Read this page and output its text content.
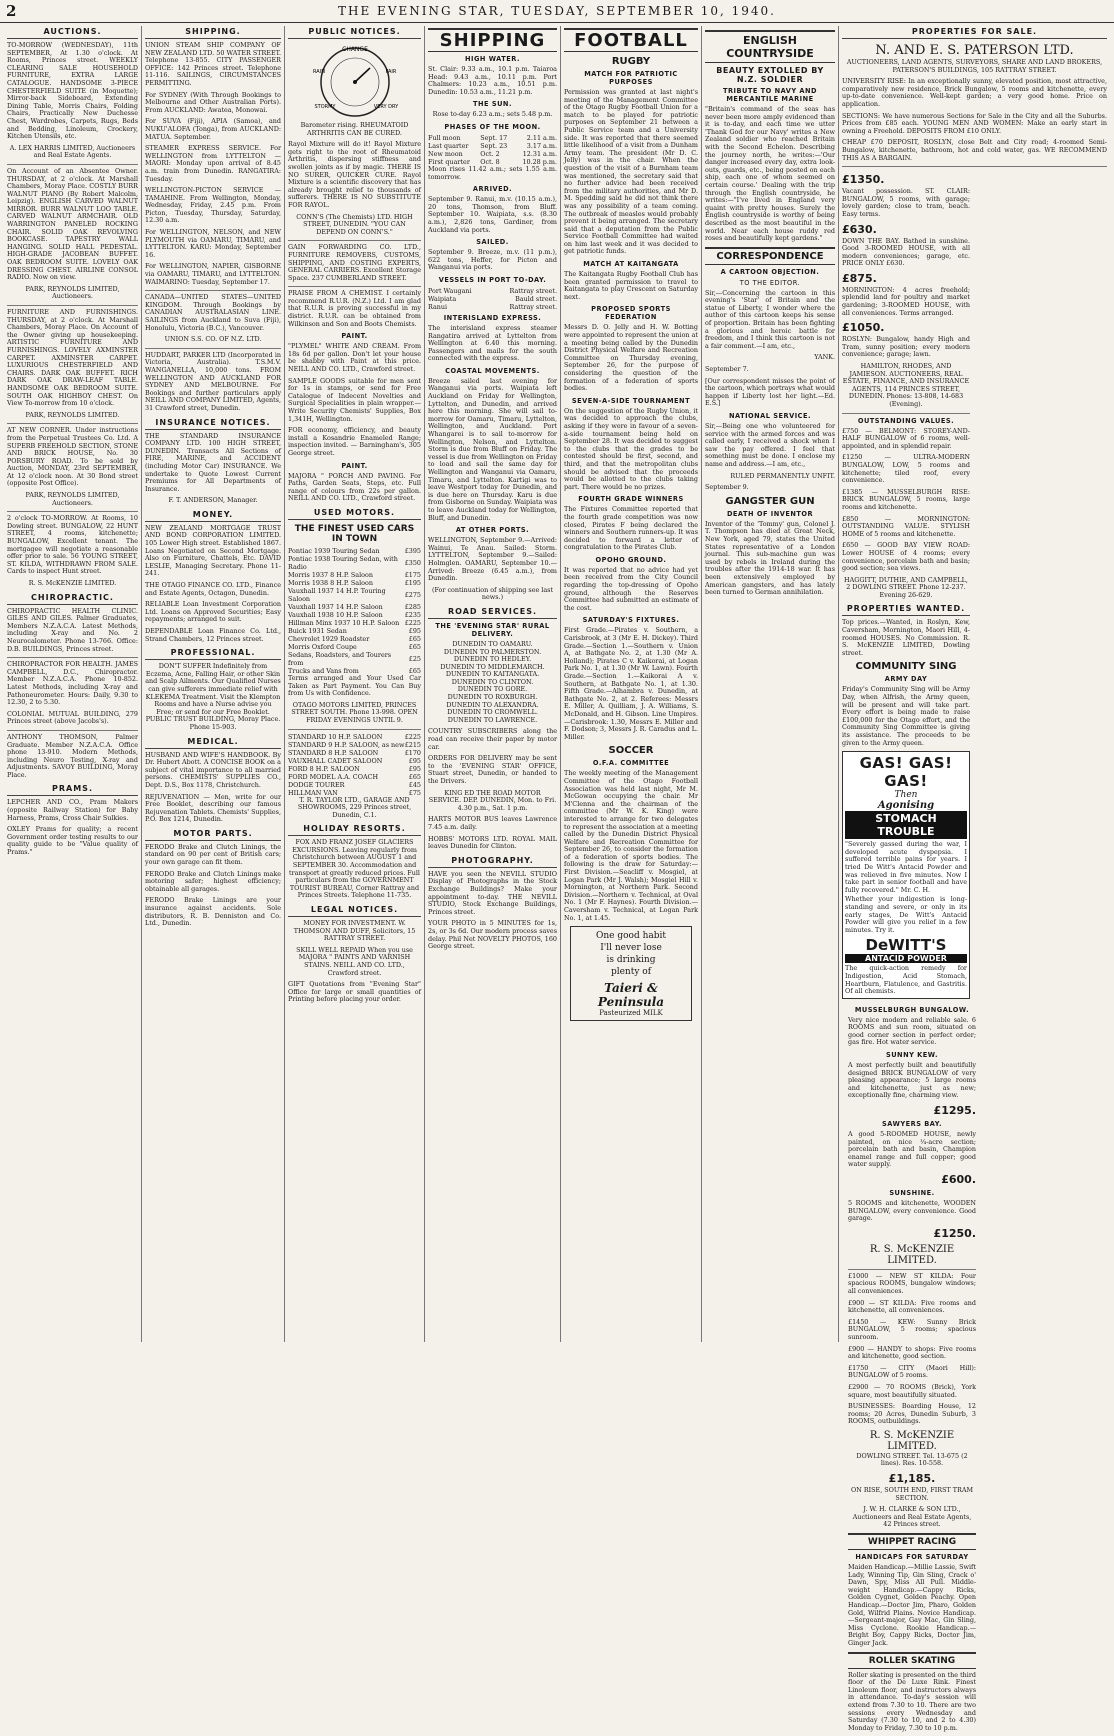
2	THE EVENING STAR, TUESDAY, SEPTEMBER 10, 1940.
AUCTIONS.

TO-MORROW (WEDNESDAY), 11th SEPTEMBER, At 1.30 o'clock. At Rooms, Princes street. WEEKLY CLEARING SALE HOUSEHOLD FURNITURE, EXTRA LARGE CATALOGUE. HANDSOME 3-PIECE CHESTERFIELD SUITE (in Moquette); Mirror-back Sideboard, Extending Dining Table, Morris Chairs, Folding Chairs, Practically New Duchesse Chest, Wardrobes, Carpets, Rugs, Beds and Bedding, Linoleum, Crockery, Kitchen Utensils, etc.

A. LEX HARRIS LIMITED, Auctioneers and Real Estate Agents.

On Account of an Absentee Owner. THURSDAY, at 2 o'clock. At Marshall Chambers, Moray Place. COSTLY BURR WALNUT PIANO (By Robert Malcolm, Leipzig). ENGLISH CARVED WALNUT MIRROR. BURR WALNUT LOO TABLE. CARVED WALNUT ARMCHAIR. OLD WARRINGTON PANELED ROCKING CHAIR. SOLID OAK REVOLVING BOOKCASE. TAPESTRY WALL HANGING. SOLID HALL PEDESTAL. HIGH-GRADE JACOBEAN BUFFET. OAK BEDROOM SUITE. LOVELY OAK DRESSING CHEST. AIRLINE CONSOL RADIO. Now on view.

PARK, REYNOLDS LIMITED, Auctioneers.

FURNITURE AND FURNISHINGS. THURSDAY, at 2 o'clock. At Marshall Chambers, Moray Place. On Account of the Owner giving up housekeeping. ARTISTIC FURNITURE AND FURNISHINGS. LOVELY AXMINSTER CARPET. AXMINSTER CARPET. LUXURIOUS CHESTERFIELD AND CHAIRS. DARK OAK BUFFET. RICH DARK OAK DRAW-LEAF TABLE. HANDSOME OAK BEDROOM SUITE. SOUTH OAK HIGHBOY CHEST. On View To-morrow from 10 o'clock.

PARK, REYNOLDS LIMITED.

AT NEW CORNER. Under instructions from the Perpetual Trustees Co. Ltd. A SUPERB FREEHOLD SECTION, STONE AND BRICK HOUSE, No. 30 PORSBURY ROAD. To be sold by Auction, MONDAY, 23rd SEPTEMBER, At 12 o'clock noon. At 30 Bond street (opposite Post Office).

PARK, REYNOLDS LIMITED, Auctioneers.

2 o'clock TO-MORROW. At Rooms, 10 Dowling street. BUNGALOW, 22 HUNT STREET, 4 rooms, kitchenette; BUNGALOW, Excellent tenant. The mortgagee will negotiate a reasonable offer prior to sale. 56 YOUNG STREET, ST. KILDA, WITHDRAWN FROM SALE. Cards to inspect Hunt street.

R. S. McKENZIE LIMITED.

CHIROPRACTIC.

CHIROPRACTIC HEALTH CLINIC. GILES AND GILES. Palmer Graduates, Members N.Z.A.C.A. Latest Methods, including X-ray and No. 2 Neurocalometer. Phone 13-766. Office: D.B. BUILDINGS, Princes street.

CHIROPRACTOR FOR HEALTH. JAMES CAMPBELL, D.C., Chiropractor. Member N.Z.A.C.A. Phone 10-852. Latest Methods, including X-ray and Pathoneurometer. Hours: Daily, 9.30 to 12.30, 2 to 5.30.

COLONIAL MUTUAL BUILDING, 279 Princes street (above Jacobs's).

ANTHONY THOMSON, Palmer Graduate. Member N.Z.A.C.A. Office phone 13-910. Modern Methods, including Neuro Testing, X-ray and Adjustments. SAVOY BUILDING, Moray Place.

PRAMS.

LEPCHER AND CO., Pram Makers (opposite Railway Station) for Baby Harness, Prams, Cross Chair Sulkies.

OXLEY Prams for quality; a recent Government order testing results to our quality guide to be "Value quality of Prams."

SHIPPING.

UNION STEAM SHIP COMPANY OF NEW ZEALAND LTD. 50 WATER STREET. Telephone 13-855. CITY PASSENGER OFFICE: 142 Princes street. Telephone 11-116. SAILINGS, CIRCUMSTANCES PERMITTING.

For SYDNEY (With Through Bookings to Melbourne and Other Australian Ports). From AUCKLAND: Awatea, Monowai.

For SUVA (Fiji), APIA (Samoa), and NUKU'ALOFA (Tonga), from AUCKLAND: MATUA. September.

STEAMER EXPRESS SERVICE. For WELLINGTON from LYTTELTON — MAORI: Monday upon arrival of 8.45 a.m. train from Dunedin. RANGATIRA: Tuesday.

WELLINGTON-PICTON SERVICE — TAMAHINE. From Wellington, Monday, Wednesday, Friday, 2.45 p.m. From Picton, Tuesday, Thursday, Saturday, 12.30 a.m.

For WELLINGTON, NELSON, and NEW PLYMOUTH via OAMARU, TIMARU, and LYTTELTON. KARU: Monday, September 16.

For WELLINGTON, NAPIER, GISBORNE via OAMARU, TIMARU, and LYTTELTON. WAIMARINO: Tuesday, September 17.

CANADA—UNITED STATES—UNITED KINGDOM. Through Bookings by CANADIAN AUSTRALASIAN LINE. SAILINGS from Auckland to Suva (Fiji), Honolulu, Victoria (B.C.), Vancouver.

UNION S.S. CO. OF N.Z. LTD.

HUDDART, PARKER LTD (Incorporated in Victoria, Australia). T.S.M.V. WANGANELLA, 10,000 tons. FROM WELLINGTON AND AUCKLAND FOR SYDNEY AND MELBOURNE. For Bookings and further particulars apply NEILL AND COMPANY LIMITED, Agents, 31 Crawford street, Dunedin.

INSURANCE NOTICES.

THE STANDARD INSURANCE COMPANY LTD. 100 HIGH STREET, DUNEDIN. Transacts All Sections of FIRE, MARINE, and ACCIDENT (including Motor Car) INSURANCE. We undertake to Quote Lowest Current Premiums for All Departments of Insurance.

F. T. ANDERSON, Manager.

MONEY.

NEW ZEALAND MORTGAGE TRUST AND BOND CORPORATION LIMITED. 105 Lower High street. Established 1867. Loans Negotiated on Second Mortgage. Also on Furniture, Chattels, Etc. DAVID LESLIE, Managing Secretary. Phone 11-241.

THE OTAGO FINANCE CO. LTD., Finance and Estate Agents, Octagon, Dunedin.

RELIABLE Loan Investment Corporation Ltd. Loans on Approved Securities; Easy repayments; arranged to suit.

DEPENDABLE Loan Finance Co. Ltd., Strand Chambers, 12 Princes street.

PROFESSIONAL.

DON'T SUFFER Indefinitely from Eczema, Acne, Falling Hair, or other Skin and Scalp Ailments. Our Qualified Nurses can give sufferers immediate relief with KLEKEMA Treatment. Visit the Klempton Rooms and have a Nurse advise you Free; or send for our Free Booklet. PUBLIC TRUST BUILDING, Moray Place. Phone 15-903.

MEDICAL.

HUSBAND AND WIFE'S HANDBOOK. By Dr. Hubert Abott. A CONCISE BOOK on a subject of vital importance to all married persons. CHEMISTS' SUPPLIES CO., Dept. D.S., Box 1178, Christchurch.

REJUVENATION — Men, write for our Free Booklet, describing our famous Rejuvenation Tablets. Chemists' Supplies, P.O. Box 1214, Dunedin.

MOTOR PARTS.

FERODO Brake and Clutch Linings, the standard on 90 per cent of British cars; your own garage can fit them.

FERODO Brake and Clutch Linings make motoring safer; highest efficiency; obtainable all garages.

FERODO Brake Linings are your insurance against accidents. Sole distributors, R. B. Denniston and Co. Ltd., Dunedin.

PUBLIC NOTICES.
CHANGE
RAIN	FAIR
STORMY	VERY DRY

Barometer rising. RHEUMATOID ARTHRITIS CAN BE CURED.

Rayol Mixture will do it! Rayol Mixture gets right to the root of Rheumatoid Arthritis, dispersing stiffness and swollen joints as if by magic. THERE IS NO SURER, QUICKER CURE. Rayol Mixture is a scientific discovery that has already brought relief to thousands of sufferers. THERE IS NO SUBSTITUTE FOR RAYOL.

CONN'S (The Chemists) LTD. HIGH STREET, DUNEDIN. "YOU CAN DEPEND ON CONN'S."

GAIN FORWARDING CO. LTD., FURNITURE REMOVERS, CUSTOMS, SHIPPING, AND COSTING EXPERTS, GENERAL CARRIERS. Excellent Storage Space. 237 CUMBERLAND STREET.

PRAISE FROM A CHEMIST. I certainly recommend R.U.R. (N.Z.) Ltd. I am glad that R.U.R. is proving successful in my district. R.U.R. can be obtained from Wilkinson and Son and Boots Chemists.

PAINT.

"PLYMEL" WHITE AND CREAM. From 18s 6d per gallon. Don't let your house be shabby with Paint at this price. NEILL AND CO. LTD., Crawford street.

SAMPLE GOODS suitable for men sent for 1s in stamps, or send for Free Catalogue of Indecent Novelties and Surgical Specialities in plain wrapper.—Write Security Chemists' Supplies, Box 1,341H, Wellington.

FOR economy, efficiency, and beauty install a Kosandrie Enameled Range; inspection invited. — Barningham's, 305 George street.

PAINT.

MAJORA " PORCH AND PAVING. For Paths, Garden Seats, Steps, etc. Full range of colours from 22s per gallon. NEILL AND CO. LTD., Crawford street.

USED MOTORS.
THE FINEST USED CARS IN TOWN
Pontiac 1939 Touring Sedan	£395
Pontiac 1938 Touring Sedan, with Radio	£350
Morris 1937 8 H.P. Saloon	£175
Morris 1938 8 H.P. Saloon	£195
Vauxhall 1937 14 H.P. Touring Saloon	£275
Vauxhall 1937 14 H.P. Saloon	£285
Vauxhall 1938 10 H.P. Saloon	£235
Hillman Minx 1937 10 H.P. Saloon	£225
Buick 1931 Sedan	£95
Chevrolet 1929 Roadster	£65
Morris Oxford Coupe	£65
Sedans, Roadsters, and Tourers from	£25
Trucks and Vans from	£65

Terms arranged and Your Used Car Taken as Part Payment. You Can Buy from Us with Confidence.

OTAGO MOTORS LIMITED, PRINCES STREET SOUTH. Phone 13-998. OPEN FRIDAY EVENINGS UNTIL 9.

STANDARD 10 H.P. SALOON	£225
STANDARD 9 H.P. SALOON, as new	£215
STANDARD 8 H.P. SALOON	£170
VAUXHALL CADET SALOON	£95
FORD 8 H.P. SALOON	£95
FORD MODEL A.A. COACH	£65
DODGE TOURER	£45
HILLMAN VAN	£75

T. R. TAYLOR LTD., GARAGE AND SHOWROOMS, 229 Princes street, Dunedin, C.1.

HOLIDAY RESORTS.

FOX AND FRANZ JOSEF GLACIERS EXCURSIONS. Leaving regularly from Christchurch between AUGUST 1 and SEPTEMBER 30. Accommodation and transport at greatly reduced prices. Full particulars from the GOVERNMENT TOURIST BUREAU, Corner Rattray and Princes Streets. Telephone 11-735.

LEGAL NOTICES.

MONEY FOR INVESTMENT. W. THOMSON AND DUFF, Solicitors, 15 RATTRAY STREET.

SKILL WELL REPAID When you use MAJORA " PAINTS AND VARNISH STAINS. NEILL AND CO. LTD., Crawford street.

GIFT Quotations from "Evening Star" Office for large or small quantities of Printing before placing your order.

SHIPPING
HIGH WATER.

St. Clair: 9.33 a.m., 10.1 p.m. Taiaroa Head: 9.43 a.m., 10.11 p.m. Port Chalmers: 10.23 a.m., 10.51 p.m. Dunedin: 10.53 a.m., 11.21 p.m.

THE SUN.

Rose to-day 6.23 a.m.; sets 5.48 p.m.

PHASES OF THE MOON.
Full moon	Sept. 17	2.11 a.m.
Last quarter	Sept. 23	3.17 a.m.
New moon	Oct. 2	12.31 a.m.
First quarter	Oct. 8	10.28 p.m.

Moon rises 11.42 a.m.; sets 1.55 a.m. tomorrow.

ARRIVED.

September 9. Ranui, m.v. (10.15 a.m.), 20 tons, Thomson, from Bluff. September 10. Waipiata, s.s. (8.30 a.m.), 2,826 tons, Gardiner, from Auckland via ports.

SAILED.

September 9. Breeze, m.v. (11 p.m.), 622 tons, Heffer, for Picton and Wanganui via ports.

VESSELS IN PORT TO-DAY.
Port Waugani	Rattray street.
Waipiata	Bauld street.
Ranui	Rattray street.
INTERISLAND EXPRESS.

The interisland express steamer Rangatira arrived at Lyttelton from Wellington at 6.40 this morning. Passengers and mails for the south connected with the express.

COASTAL MOVEMENTS.

Breeze sailed last evening for Wanganui via ports. Waipiata left Auckland on Friday for Wellington, Lyttelton, and Dunedin, and arrived here this morning. She will sail to-morrow for Oamaru, Timaru, Lyttelton, Wellington, and Auckland. Port Whangarei is to sail to-morrow for Wellington, Nelson, and Lyttelton. Storm is due from Bluff on Friday. The vessel is due from Wellington on Friday to load and sail the same day for Wellington and Wanganui via Oamaru, Timaru, and Lyttelton. Kartigi was to leave Westport today for Dunedin, and is due here on Thursday. Karu is due from Gisborne on Sunday. Waipiata was to leave Auckland today for Wellington, Bluff, and Dunedin.

AT OTHER PORTS.

WELLINGTON, September 9.—Arrived: Wainui, Te Anau. Sailed: Storm. LYTTELTON, September 9.—Sailed: Holmglen. OAMARU, September 10.—Arrived: Breeze (6.45 a.m.), from Dunedin.

(For continuation of shipping see last news.)

ROAD SERVICES.
THE 'EVENING STAR' RURAL DELIVERY.

DUNEDIN TO OAMARU.

DUNEDIN TO PALMERSTON.

DUNEDIN TO HEDLEY.

DUNEDIN TO MIDDLEMARCH.

DUNEDIN TO KAITANGATA.

DUNEDIN TO CLINTON.

DUNEDIN TO GORE.

DUNEDIN TO ROXBURGH.

DUNEDIN TO ALEXANDRA.

DUNEDIN TO CROMWELL.

DUNEDIN TO LAWRENCE.

COUNTRY SUBSCRIBERS along the road can receive their paper by motor car.

ORDERS FOR DELIVERY may be sent to the 'EVENING STAR' OFFICE, Stuart street, Dunedin, or handed to the Drivers.

KING ED THE ROAD MOTOR SERVICE. DEP. DUNEDIN, Mon. to Fri. 4.30 p.m., Sat. 1 p.m.

HARTS MOTOR BUS leaves Lawrence 7.45 a.m. daily.

HOBBS' MOTORS LTD. ROYAL MAIL leaves Dunedin for Clinton.

PHOTOGRAPHY.

HAVE you seen the NEVILL STUDIO Display of Photographs in the Stock Exchange Buildings? Make your appointment to-day. THE NEVILL STUDIO, Stock Exchange Buildings, Princes street.

YOUR PHOTO in 5 MINUTES for 1s, 2s, or 3s 6d. Our modern process saves delay. Phil Net NOVELTY PHOTOS, 160 George street.

FOOTBALL
RUGBY
MATCH FOR PATRIOTIC PURPOSES

Permission was granted at last night's meeting of the Management Committee of the Otago Rugby Football Union for a match to be played for patriotic purposes on September 21 between a Public Service team and a University side. It was reported that there seemed little likelihood of a visit from a Dunham Army team. The president (Mr D. C. Jelly) was in the chair. When the question of the visit of a Burnham team was mentioned, the secretary said that no further advice had been received from the military authorities, and Mr D. M. Spedding said he did not think there was any possibility of a team coming. The outbreak of measles would probably prevent it being arranged. The secretary said that a deputation from the Public Service Football Committee had waited on him last week and it was decided to get patriotic funds.

MATCH AT KAITANGATA

The Kaitangata Rugby Football Club has been granted permission to travel to Kaitangata to play Crescent on Saturday next.

PROPOSED SPORTS FEDERATION

Messrs D. O. Jelly and H. W. Botting were appointed to represent the union at a meeting being called by the Dunedin District Physical Welfare and Recreation Committee on Thursday evening, September 26, for the purpose of considering the question of the formation of a federation of sports bodies.

SEVEN-A-SIDE TOURNAMENT

On the suggestion of the Rugby Union, it was decided to approach the clubs, asking if they were in favour of a seven-a-side tournament being held on September 28. It was decided to suggest to the clubs that the grades to be contested should be first, second, and third, and that the metropolitan clubs should be advised that the proceeds would be allotted to the clubs taking part. There would be no prizes.

FOURTH GRADE WINNERS

The Fixtures Committee reported that the fourth grade competition was now closed, Pirates F being declared the winners and Southern runners-up. It was decided to forward a letter of congratulation to the Pirates Club.

OPOHO GROUND.

It was reported that no advice had yet been received from the City Council regarding the top-dressing of Opoho ground, although the Reserves Committee had submitted an estimate of the cost.

SATURDAY'S FIXTURES.

First Grade.—Pirates v. Southern, a Carisbrook, at 3 (Mr E. H. Dickey). Third Grade.—Section 1.—Southern v. Union A, at Bathgate No. 2, at 1.30 (Mr A. Holland); Pirates C v. Kaikorai, at Logan Park No. 1, at 1.30 (Mr W. Lawn). Fourth Grade.—Section 1.—Kaikorai A v. Southern, at Bathgate No. 1, at 1.30. Fifth Grade.—Alhambra v. Dunedin, at Bathgate No. 2, at 2. Referees: Messrs E. Miller, A. Quilliam, J. A. Williams, S. McDonald, and H. Gibson. Line Umpires.—Carisbrook: 1.30, Messrs E. Miller and F. Dodson; 3, Messrs J. R. Caradus and L. Miller.

SOCCER
O.F.A. COMMITTEE

The weekly meeting of the Management Committee of the Otago Football Association was held last night, Mr M. McGowan occupying the chair. Mr M'Clenna and the chairman of the committee (Mr W. K. King) were interested to arrange for two delegates to represent the association at a meeting called by the Dunedin District Physical Welfare and Recreation Committee for September 26, to consider the formation of a federation of sports bodies. The following is the draw for Saturday:— First Division.—Seacliff v. Mosgiel, at Logan Park (Mr J. Walsh); Mosgiel Hill v. Mornington, at Northern Park. Second Division.—Northern v. Technical, at Oval No. 1 (Mr F. Haynes). Fourth Division.—Caversham v. Technical, at Logan Park No. 1, at 1.45.

One good habit
I'll never lose
is drinking
plenty of
Taieri & Peninsula
Pasteurized MILK
ENGLISH COUNTRYSIDE
BEAUTY EXTOLLED BY N.Z. SOLDIER
TRIBUTE TO NAVY AND MERCANTILE MARINE

"Britain's command of the seas has never been more amply evidenced than it is to-day, and each time we utter 'Thank God for our Navy' writes a New Zealand soldier who reached Britain with the Second Echelon. Describing the journey north, he writes:—'Our danger increased every day, extra look-outs, guards, etc., being posted on each ship, each one of whom seemed on certain course.' Dealing with the trip through the English countryside, he writes:—"I've lived in England very quaint with pretty houses. Surely the English countryside is worthy of being described as the most beautiful in the world. Near each house ruddy red roses and beautifully kept gardens."

CORRESPONDENCE
A CARTOON OBJECTION.
TO THE EDITOR.

Sir,—Concerning the cartoon in this evening's 'Star' of Britain and the statue of Liberty, I wonder where the author of this cartoon keeps his sense of proportion. Britain has been fighting a glorious and heroic battle for freedom, and I think this cartoon is not a fair comment.—I am, etc.,

YANK.

September 7.

[Our correspondent misses the point of the cartoon, which portrays what would happen if Liberty lost her light.—Ed. E.S.]

NATIONAL SERVICE.

Sir,—Being one who volunteered for service with the armed forces and was called early, I received a shock when I saw the pay offered. I feel that something must be done. I enclose my name and address.—I am, etc.,

RULED PERMANENTLY UNFIT.

September 9.

GANGSTER GUN
DEATH OF INVENTOR

Inventor of the 'Tommy' gun, Colonel J. T. Thompson has died at Great Neck, New York, aged 79, states the United States representative of a London journal. This sub-machine gun was used by rebels in Ireland during the troubles after the 1914-18 war. It has been extensively employed by American gangsters, and has lately been turned to German annihilation.

PROPERTIES FOR SALE.
N. AND E. S. PATERSON LTD.

AUCTIONEERS, LAND AGENTS, SURVEYORS, SHARE AND LAND BROKERS, PATERSON'S BUILDINGS, 105 RATTRAY STREET.

UNIVERSITY RISE: In an exceptionally sunny, elevated position, most attractive, comparatively new residence, Brick Bungalow, 5 rooms and kitchenette, every up-to-date convenience. Well-kept garden; a very good home. Price on application.

SECTIONS: We have numerous Sections for Sale in the City and all the Suburbs. Prices from £85 each. YOUNG MEN AND WOMEN: Make an early start in owning a Freehold. DEPOSITS FROM £10 ONLY.

CHEAP £70 DEPOSIT, ROSLYN, close Belt and City road; 4-roomed Semi-Bungalow, kitchenette, bathroom, hot and cold water, gas. WE RECOMMEND THIS AS A BARGAIN.

£1350.

Vacant possession. ST. CLAIR: BUNGALOW, 5 rooms, with garage; lovely garden; close to tram, beach. Easy terms.

£630.

DOWN THE BAY. Bathed in sunshine. Good 3-ROOMED HOUSE, with all modern conveniences; garage, etc. PRICE ONLY £630.

£875.

MORNINGTON: 4 acres freehold; splendid land for poultry and market gardening; 3-ROOMED HOUSE, with all conveniences. Terms arranged.

£1050.

ROSLYN: Bungalow, handy High and Tram, sunny position; every modern convenience; garage; lawn.

HAMILTON, RHODES, AND JAMIESON. AUCTIONEERS, REAL ESTATE, FINANCE, AND INSURANCE AGENTS, 114 PRINCES STREET, DUNEDIN. Phones: 13-808, 14-683 (Evening).

OUTSTANDING VALUES.

£750 — BELMONT: STOREY-AND-HALF BUNGALOW of 6 rooms, well-appointed, and in splendid repair.

£1250 — ULTRA-MODERN BUNGALOW, LOW, 5 rooms and kitchenette; tiled roof, every convenience.

£1385 — MUSSELBURGH RISE: BRICK BUNGALOW, 5 rooms, large rooms and kitchenette.

£850 — MORNINGTON: OUTSTANDING VALUE. STYLISH HOME of 5 rooms and kitchenette.

£650 — GOOD BAY VIEW ROAD: Lower HOUSE of 4 rooms; every convenience, porcelain bath and basin; good section; sea views.

HAGGITT, DUTHIE, AND CAMPBELL, 2 DOWLING STREET. Phone 12-237. Evening 26-629.

PROPERTIES WANTED.

Top prices.—Wanted, in Roslyn, Kew, Caversham, Mornington, Maori Hill, 4-roomed HOUSES. No Commission. R. S. McKENZIE LIMITED, Dowling street.

COMMUNITY SING
ARMY DAY

Friday's Community Sing will be Army Day, when Alfrish, the Army queen, will be present and will take part. Every effort is being made to raise £100,000 for the Otago effort, and the Community Sing Committee is giving its assistance. The proceeds to be given to the Army queen.

GAS! GAS! GAS!
Then
Agonising
STOMACH TROUBLE

"Severely gassed during the war, I developed acute dyspepsia. I suffered terrible pains for years. I tried De Witt's Antacid Powder and was relieved in five minutes. Now I take part in senior football and have fully recovered." Mr. C. H.

Whether your indigestion is long-standing and severe, or only in its early stages, De Witt's Antacid Powder will give you relief in a few minutes. Try it.

DeWITT'S
ANTACID POWDER

The quick-action remedy for Indigestion, Acid Stomach, Heartburn, Flatulence, and Gastritis. Of all chemists.

MUSSELBURGH BUNGALOW.

Very nice modern and reliable sale. 6 ROOMS and sun room, situated on good corner section in perfect order; gas fire. Hot water service.

SUNNY KEW.

A most perfectly built and beautifully designed BRICK BUNGALOW of very pleasing appearance; 5 large rooms and kitchenette, just as new; exceptionally fine, charming view.

£1295.
SAWYERS BAY.

A good 5-ROOMED HOUSE, newly painted, on nice ¼-acre section; porcelain bath and basin, Champion enamel range and full copper; good water supply.

£600.
SUNSHINE.

5 ROOMS and kitchenette, WOODEN BUNGALOW, every convenience. Good garage.

£1250.
R. S. McKENZIE LIMITED.

£1000 — NEW ST KILDA: Four spacious ROOMS, bungalow windows; all conveniences.

£900 — ST KILDA: Five rooms and kitchenette, all conveniences.

£1450 — KEW: Sunny Brick BUNGALOW, 5 rooms; spacious sunroom.

£900 — HANDY to shops: Five rooms and kitchenette, good section.

£1750 — CITY (Maori Hill): BUNGALOW of 5 rooms.

£2900 — 70 ROOMS (Brick), York square, most beautifully situated.

BUSINESSES: Boarding House, 12 rooms; 20 Acres, Dunedin Suburb, 3 ROOMS, outbuildings.

R. S. McKENZIE LIMITED.

DOWLING STREET. Tel. 13-675 (2 lines). Res. 10-558.

£1,185.

ON RISE, SOUTH END, FIRST TRAM SECTION.

J. W. H. CLARKE & SON LTD., Auctioneers and Real Estate Agents, 42 Princes street.

WHIPPET RACING
HANDICAPS FOR SATURDAY

Maiden Handicap.—Millie Lassie, Swift Lady, Winning Tip, Gin Sling, Crack o' Dawn, Spy, Miss All Pull. Middle-weight Handicap.—Cappy Ricks, Golden Cygnet, Golden Peachy. Open Handicap.—Doctor Jim, Pharo, Golden Gold, Wilfrid Plains. Novice Handicap.—Sergeant-major, Gay Mac, Gin Sling, Miss Cyclone. Rookie Handicap.—Bright Boy, Cappy Ricks, Doctor Jim, Ginger Jack.

ROLLER SKATING

Roller skating is presented on the third floor of the De Luxe Rink. Finest Linoleum floor, and instructors always in attendance. To-day's session will extend from 7.30 to 10. There are two sessions every Wednesday and Saturday (7.30 to 10, and 2 to 4.30) Monday to Friday, 7.30 to 10 p.m.
